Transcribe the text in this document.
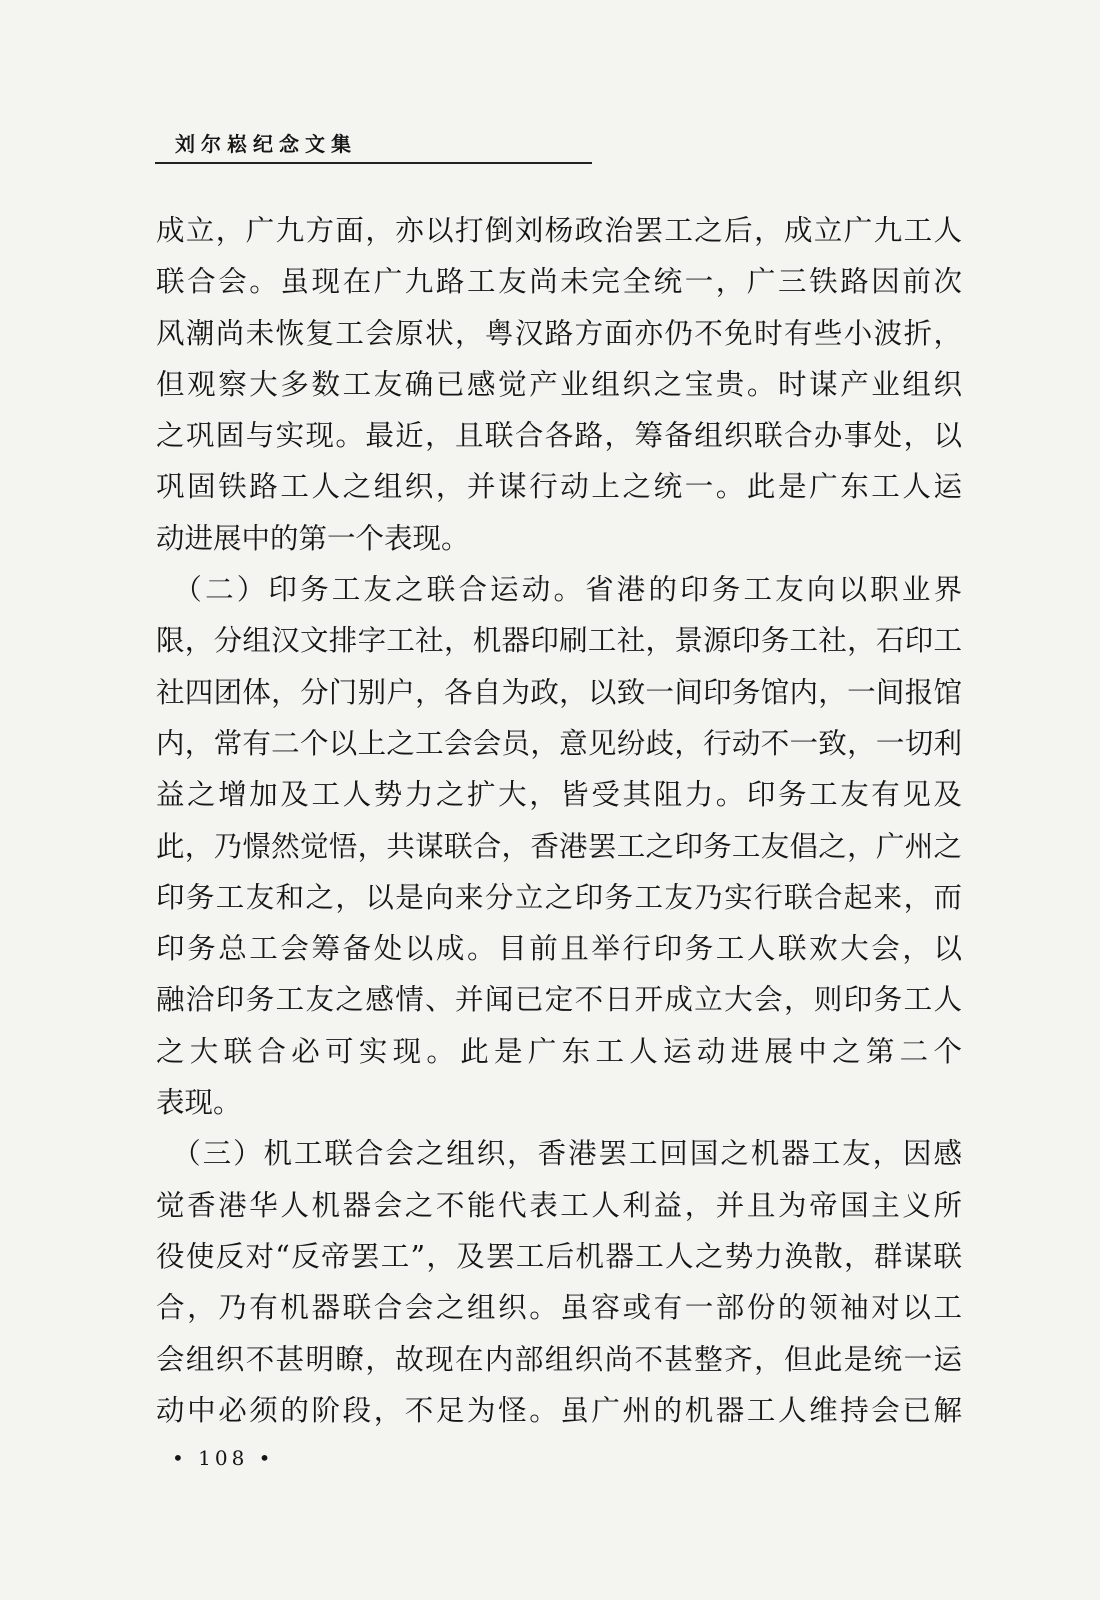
刘尔崧纪念文集
成立，广九方面，亦以打倒刘杨政治罢工之后，成立广九工人
联合会。虽现在广九路工友尚未完全统一，广三铁路因前次
风潮尚未恢复工会原状，粤汉路方面亦仍不免时有些小波折，
但观察大多数工友确已感觉产业组织之宝贵。时谋产业组织
之巩固与实现。最近，且联合各路，筹备组织联合办事处，以
巩固铁路工人之组织，并谋行动上之统一。此是广东工人运
动进展中的第一个表现。
　（二）印务工友之联合运动。省港的印务工友向以职业界
限，分组汉文排字工社，机器印刷工社，景源印务工社，石印工
社四团体，分门别户，各自为政，以致一间印务馆内，一间报馆
内，常有二个以上之工会会员，意见纷歧，行动不一致，一切利
益之增加及工人势力之扩大，皆受其阻力。印务工友有见及
此，乃憬然觉悟，共谋联合，香港罢工之印务工友倡之，广州之
印务工友和之，以是向来分立之印务工友乃实行联合起来，而
印务总工会筹备处以成。目前且举行印务工人联欢大会，以
融洽印务工友之感情、并闻已定不日开成立大会，则印务工人
之大联合必可实现。此是广东工人运动进展中之第二个
表现。
　（三）机工联合会之组织，香港罢工回国之机器工友，因感
觉香港华人机器会之不能代表工人利益，并且为帝国主义所
役使反对“反帝罢工”，及罢工后机器工人之势力涣散，群谋联
合，乃有机器联合会之组织。虽容或有一部份的领袖对以工
会组织不甚明瞭，故现在内部组织尚不甚整齐，但此是统一运
动中必须的阶段，不足为怪。虽广州的机器工人维持会已解
• 108 •
